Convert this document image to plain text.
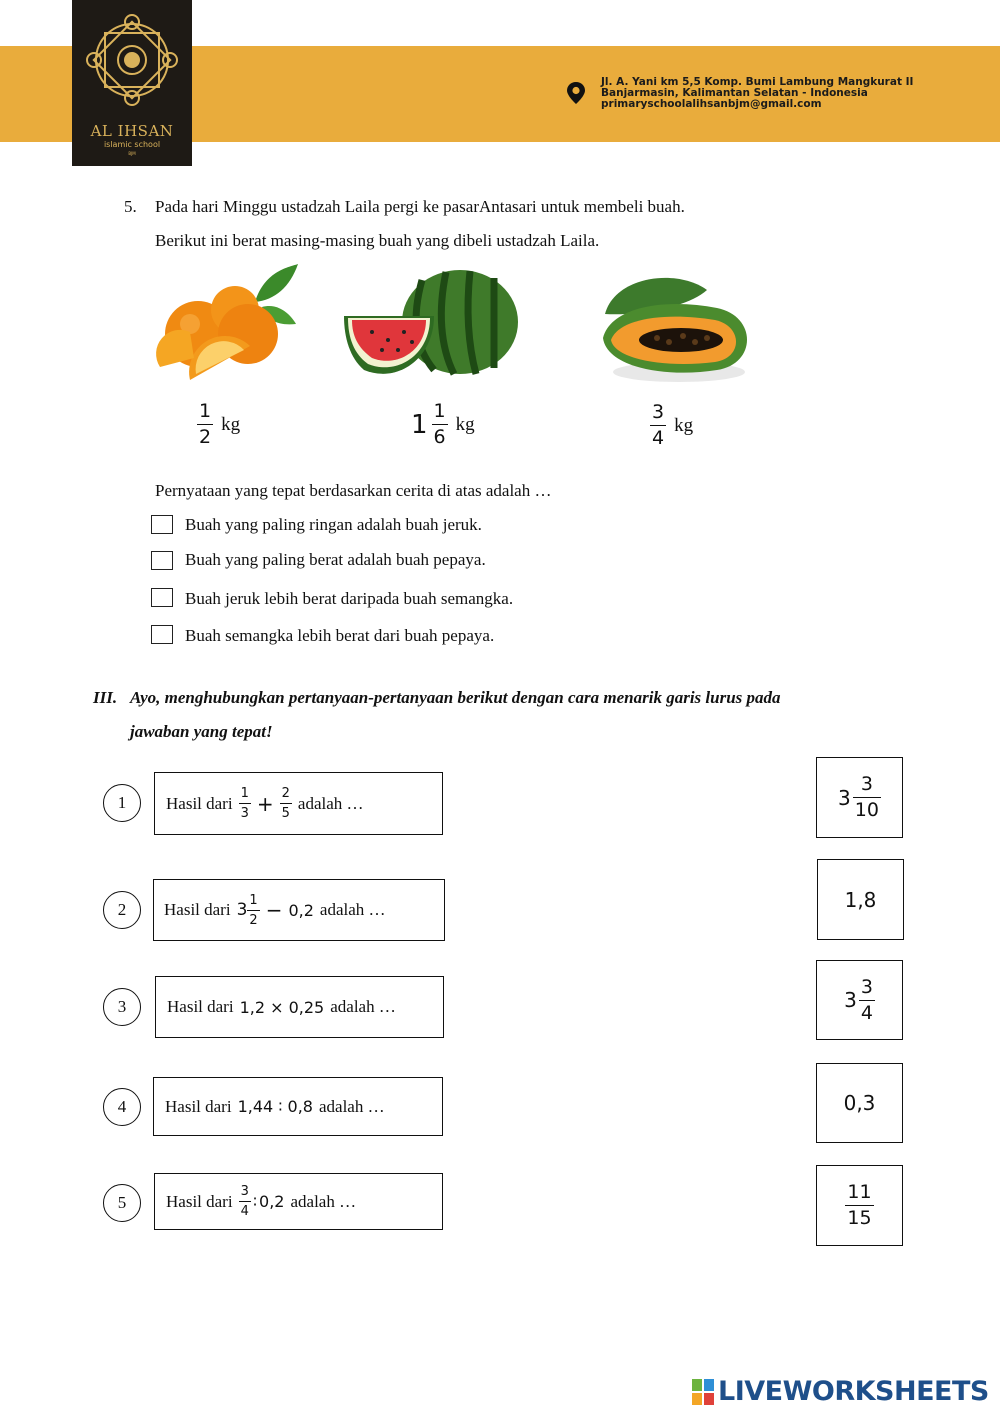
AL IHSAN
islamic school
BJM
Jl. A. Yani km 5,5 Komp. Bumi Lambung Mangkurat II
Banjarmasin, Kalimantan Selatan - Indonesia
primaryschoolalihsanbjm@gmail.com
5. Pada hari Minggu ustadzah Laila pergi ke pasarAntasari untuk membeli buah.
Berikut ini berat masing-masing buah yang dibeli ustadzah Laila.
$\frac{1}{2}$ kg	$1 \frac{1}{6}$ kg	$\frac{3}{4}$ kg
Pernyataan yang tepat berdasarkan cerita di atas adalah …
Buah yang paling ringan adalah buah jeruk.
Buah yang paling berat adalah buah pepaya.
Buah jeruk lebih berat daripada buah semangka.
Buah semangka lebih berat dari buah pepaya.
III. Ayo, menghubungkan pertanyaan-pertanyaan berikut dengan cara menarik garis lurus pada
jawaban yang tepat!
1	Hasil dari $\frac{1}{3} + \frac{2}{5}$ adalah …
2	Hasil dari $3 \frac{1}{2} - 0,2$ adalah …
3	Hasil dari 1,2 × 0,25 adalah …
4	Hasil dari 1,44 ∶ 0,8 adalah …
5	Hasil dari $\frac{3}{4}$ ∶ 0,2 adalah …
$3 \frac{3}{10}$
1,8
$3 \frac{3}{4}$
0,3
$\frac{11}{15}$
LIVEWORKSHEETS
